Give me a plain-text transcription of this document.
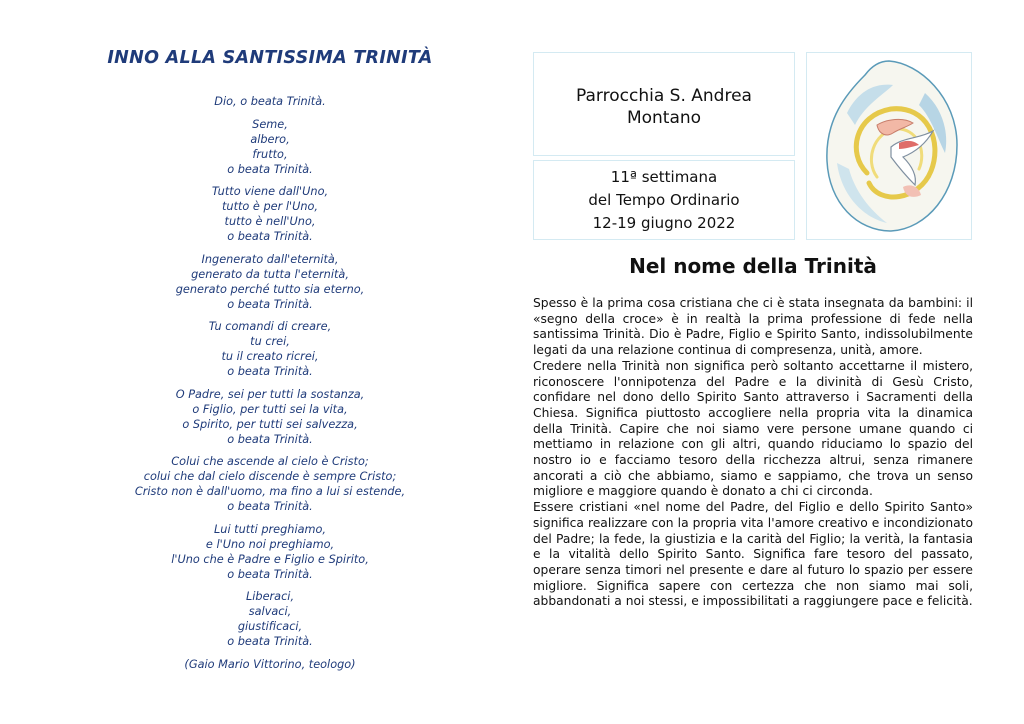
INNO ALLA SANTISSIMA TRINITÀ
Dio, o beata Trinità.
Seme,
albero,
frutto,
o beata Trinità.
Tutto viene dall'Uno,
tutto è per l'Uno,
tutto è nell'Uno,
o beata Trinità.
Ingenerato dall'eternità,
generato da tutta l'eternità,
generato perché tutto sia eterno,
o beata Trinità.
Tu comandi di creare,
tu crei,
tu il creato ricrei,
o beata Trinità.
O Padre, sei per tutti la sostanza,
o Figlio, per tutti sei la vita,
o Spirito, per tutti sei salvezza,
o beata Trinità.
Colui che ascende al cielo è Cristo;
colui che dal cielo discende è sempre Cristo;
Cristo non è dall'uomo, ma fino a lui si estende,
o beata Trinità.
Lui tutti preghiamo,
e l'Uno noi preghiamo,
l'Uno che è Padre e Figlio e Spirito,
o beata Trinità.
Liberaci,
salvaci,
giustificaci,
o beata Trinità.
(Gaio Mario Vittorino, teologo)
Parrocchia S. Andrea
Montano
11ª settimana
del Tempo Ordinario
12-19 giugno 2022
Nel nome della Trinità

Spesso è la prima cosa cristiana che ci è stata insegnata da bambini: il «segno della croce» è in realtà la prima professione di fede nella santissima Trinità. Dio è Padre, Figlio e Spirito Santo, indissolubilmente legati da una relazione continua di compresenza, unità, amore.

Credere nella Trinità non significa però soltanto accettarne il mistero, riconoscere l'onnipotenza del Padre e la divinità di Gesù Cristo, confidare nel dono dello Spirito Santo attraverso i Sacramenti della Chiesa. Significa piuttosto accogliere nella propria vita la dinamica della Trinità. Capire che noi siamo vere persone umane quando ci mettiamo in relazione con gli altri, quando riduciamo lo spazio del nostro io e facciamo tesoro della ricchezza altrui, senza rimanere ancorati a ciò che abbiamo, siamo e sappiamo, che trova un senso migliore e maggiore quando è donato a chi ci circonda.

Essere cristiani «nel nome del Padre, del Figlio e dello Spirito Santo» significa realizzare con la propria vita l'amore creativo e incondizionato del Padre; la fede, la giustizia e la carità del Figlio; la verità, la fantasia e la vitalità dello Spirito Santo. Significa fare tesoro del passato, operare senza timori nel presente e dare al futuro lo spazio per essere migliore. Significa sapere con certezza che non siamo mai soli, abbandonati a noi stessi, e impossibilitati a raggiungere pace e felicità.
